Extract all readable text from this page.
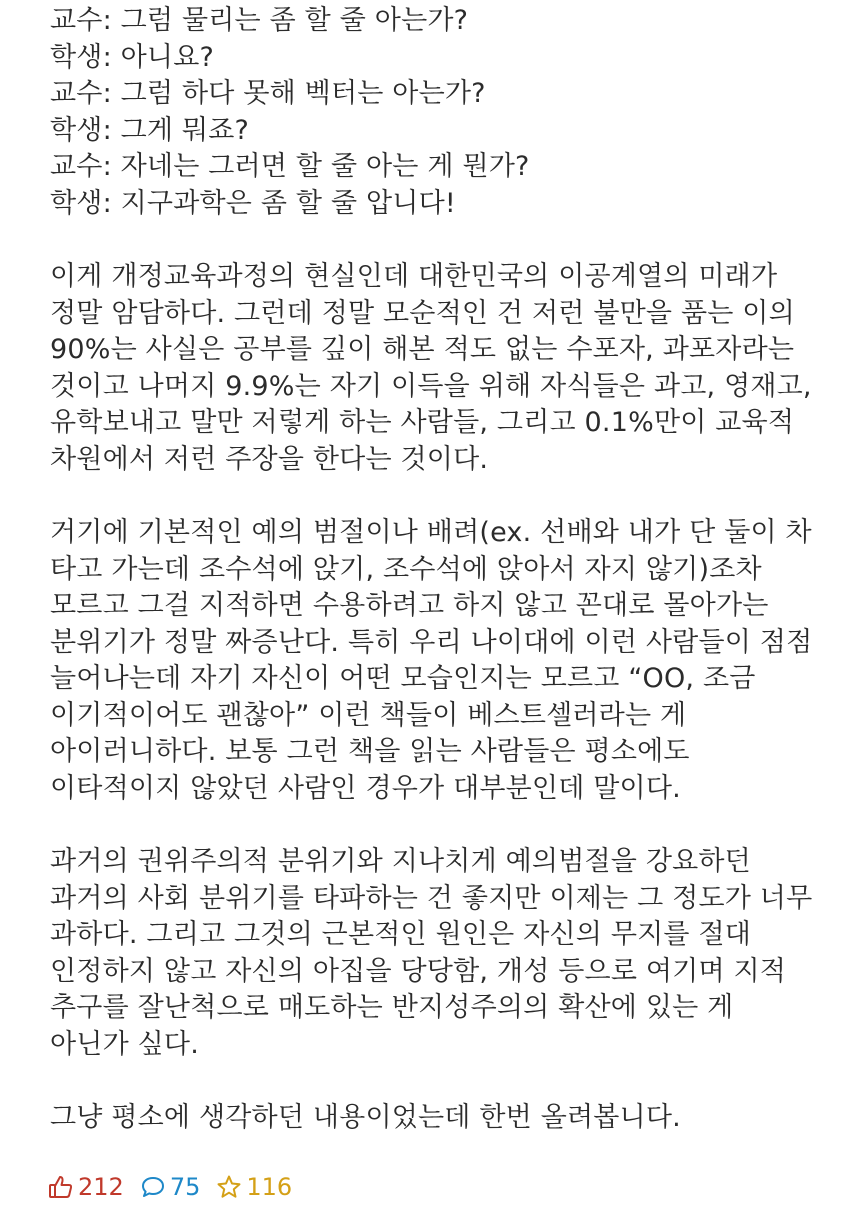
교수: 그럼 물리는 좀 할 줄 아는가?
학생: 아니요?
교수: 그럼 하다 못해 벡터는 아는가?
학생: 그게 뭐죠?
교수: 자네는 그러면 할 줄 아는 게 뭔가?
학생: 지구과학은 좀 할 줄 압니다!
이게 개정교육과정의 현실인데 대한민국의 이공계열의 미래가
정말 암담하다. 그런데 정말 모순적인 건 저런 불만을 품는 이의
90%는 사실은 공부를 깊이 해본 적도 없는 수포자, 과포자라는
것이고 나머지 9.9%는 자기 이득을 위해 자식들은 과고, 영재고,
유학보내고 말만 저렇게 하는 사람들, 그리고 0.1%만이 교육적
차원에서 저런 주장을 한다는 것이다.
거기에 기본적인 예의 범절이나 배려(ex. 선배와 내가 단 둘이 차
타고 가는데 조수석에 앉기, 조수석에 앉아서 자지 않기)조차
모르고 그걸 지적하면 수용하려고 하지 않고 꼰대로 몰아가는
분위기가 정말 짜증난다. 특히 우리 나이대에 이런 사람들이 점점
늘어나는데 자기 자신이 어떤 모습인지는 모르고 “OO, 조금
이기적이어도 괜찮아” 이런 책들이 베스트셀러라는 게
아이러니하다. 보통 그런 책을 읽는 사람들은 평소에도
이타적이지 않았던 사람인 경우가 대부분인데 말이다.
과거의 권위주의적 분위기와 지나치게 예의범절을 강요하던
과거의 사회 분위기를 타파하는 건 좋지만 이제는 그 정도가 너무
과하다. 그리고 그것의 근본적인 원인은 자신의 무지를 절대
인정하지 않고 자신의 아집을 당당함, 개성 등으로 여기며 지적
추구를 잘난척으로 매도하는 반지성주의의 확산에 있는 게
아닌가 싶다.
그냥 평소에 생각하던 내용이었는데 한번 올려봅니다.
212 75 116
